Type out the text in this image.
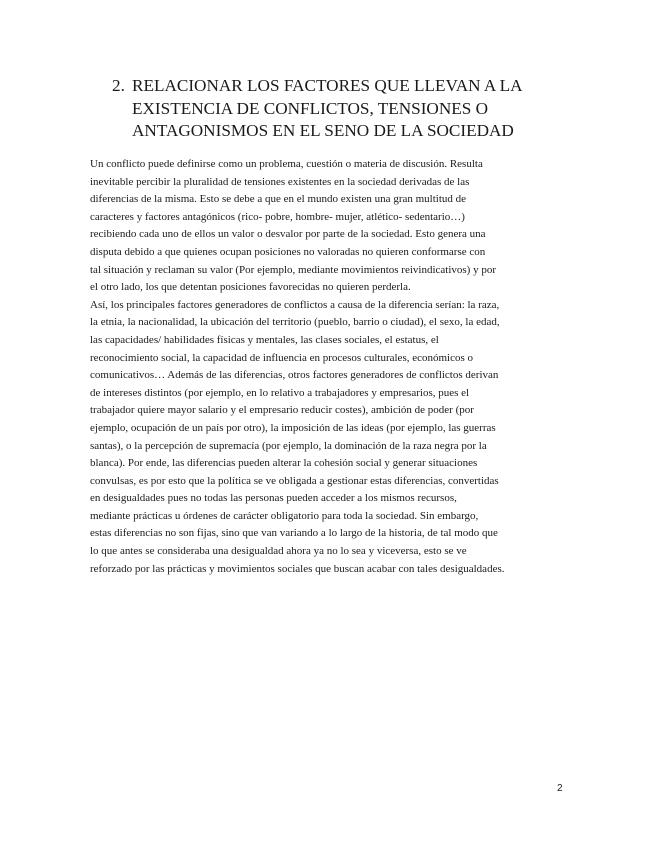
2. RELACIONAR LOS FACTORES QUE LLEVAN A LA
EXISTENCIA DE CONFLICTOS, TENSIONES O
ANTAGONISMOS EN EL SENO DE LA SOCIEDAD

Un conflicto puede definirse como un problema, cuestión o materia de discusión. Resulta
inevitable percibir la pluralidad de tensiones existentes en la sociedad derivadas de las
diferencias de la misma. Esto se debe a que en el mundo existen una gran multitud de
caracteres y factores antagónicos (rico- pobre, hombre- mujer, atlético- sedentario…)
recibiendo cada uno de ellos un valor o desvalor por parte de la sociedad. Esto genera una
disputa debido a que quienes ocupan posiciones no valoradas no quieren conformarse con
tal situación y reclaman su valor (Por ejemplo, mediante movimientos reivindicativos) y por
el otro lado, los que detentan posiciones favorecidas no quieren perderla.

Así, los principales factores generadores de conflictos a causa de la diferencia serían: la raza,
la etnia, la nacionalidad, la ubicación del territorio (pueblo, barrio o ciudad), el sexo, la edad,
las capacidades/ habilidades físicas y mentales, las clases sociales, el estatus, el
reconocimiento social, la capacidad de influencia en procesos culturales, económicos o
comunicativos… Además de las diferencias, otros factores generadores de conflictos derivan
de intereses distintos (por ejemplo, en lo relativo a trabajadores y empresarios, pues el
trabajador quiere mayor salario y el empresario reducir costes), ambición de poder (por
ejemplo, ocupación de un país por otro), la imposición de las ideas (por ejemplo, las guerras
santas), o la percepción de supremacía (por ejemplo, la dominación de la raza negra por la
blanca). Por ende, las diferencias pueden alterar la cohesión social y generar situaciones
convulsas, es por esto que la política se ve obligada a gestionar estas diferencias, convertidas
en desigualdades pues no todas las personas pueden acceder a los mismos recursos,
mediante prácticas u órdenes de carácter obligatorio para toda la sociedad. Sin embargo,
estas diferencias no son fijas, sino que van variando a lo largo de la historia, de tal modo que
lo que antes se consideraba una desigualdad ahora ya no lo sea y viceversa, esto se ve
reforzado por las prácticas y movimientos sociales que buscan acabar con tales desigualdades.

2
